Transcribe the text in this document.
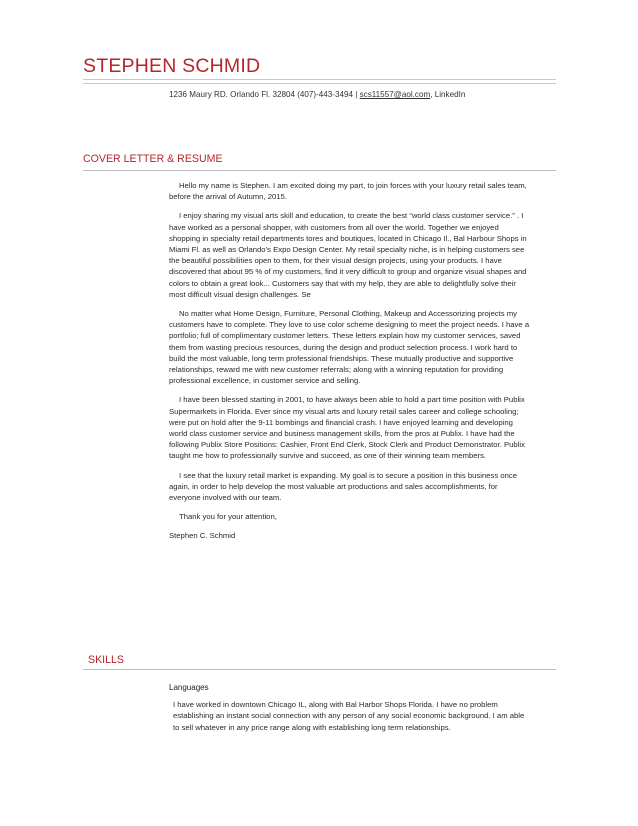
STEPHEN SCHMID
1236 Maury RD. Orlando Fl. 32804 (407)-443-3494 | scs11557@aol.com, LinkedIn
COVER LETTER & RESUME

Hello my name is Stephen. I am excited doing my part, to join forces with your luxury retail sales team, before the arrival of Autumn, 2015.

I enjoy sharing my visual arts skill and education, to create the best “world class customer service.” . I have worked as a personal shopper, with customers from all over the world. Together we enjoyed shopping in specialty retail departments tores and boutiques, located in Chicago Il., Bal Harbour Shops in Miami Fl. as well as Orlando’s Expo Design Center. My retail specialty niche, is in helping customers see the beautiful possibilities open to them, for their visual design projects, using your products. I have discovered that about 95 % of my customers, find it very difficult to group and organize visual shapes and colors to obtain a great look... Customers say that with my help, they are able to delightfully solve their most difficult visual design challenges. Se

No matter what Home Design, Furniture, Personal Clothing, Makeup and Accessorizing projects my customers have to complete. They love to use color scheme designing to meet the project needs. I have a portfolio; full of complimentary customer letters. These letters explain how my customer services, saved them from wasting precious resources, during the design and product selection process. I work hard to build the most valuable, long term professional friendships. These mutually productive and supportive relationships, reward me with new customer referrals; along with a winning reputation for providing professional excellence, in customer service and selling.

I have been blessed starting in 2001, to have always been able to hold a part time position with Publix Supermarkets in Florida. Ever since my visual arts and luxury retail sales career and college schooling; were put on hold after the 9-11 bombings and financial crash. I have enjoyed learning and developing world class customer service and business management skills, from the pros at Publix. I have had the following Publix Store Positions: Cashier, Front End Clerk, Stock Clerk and Product Demonstrator. Publix taught me how to professionally survive and succeed, as one of their winning team members.

I see that the luxury retail market is expanding. My goal is to secure a position in this business once again, in order to help develop the most valuable art productions and sales accomplishments, for everyone involved with our team.

Thank you for your attention,

Stephen C. Schmid

SKILLS
Languages

I have worked in downtown Chicago IL, along with Bal Harbor Shops Florida. I have no problem establishing an instant social connection with any person of any social economic background. I am able to sell whatever in any price range along with establishing long term relationships.
